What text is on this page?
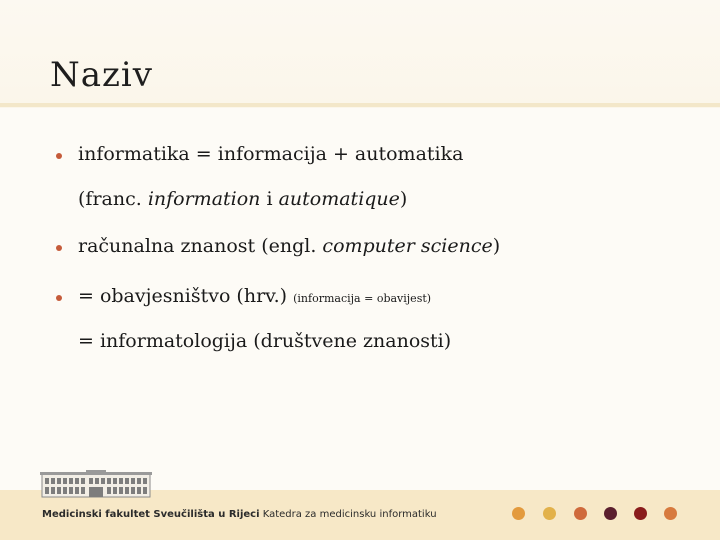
Naziv
informatika = informacija + automatika
(franc. information i automatique)
računalna znanost (engl. computer science)
= obavjesništvo (hrv.) (informacija = obavijest)
= informatologija (društvene znanosti)
Medicinski fakultet Sveučilišta u Rijeci Katedra za medicinsku informatiku
